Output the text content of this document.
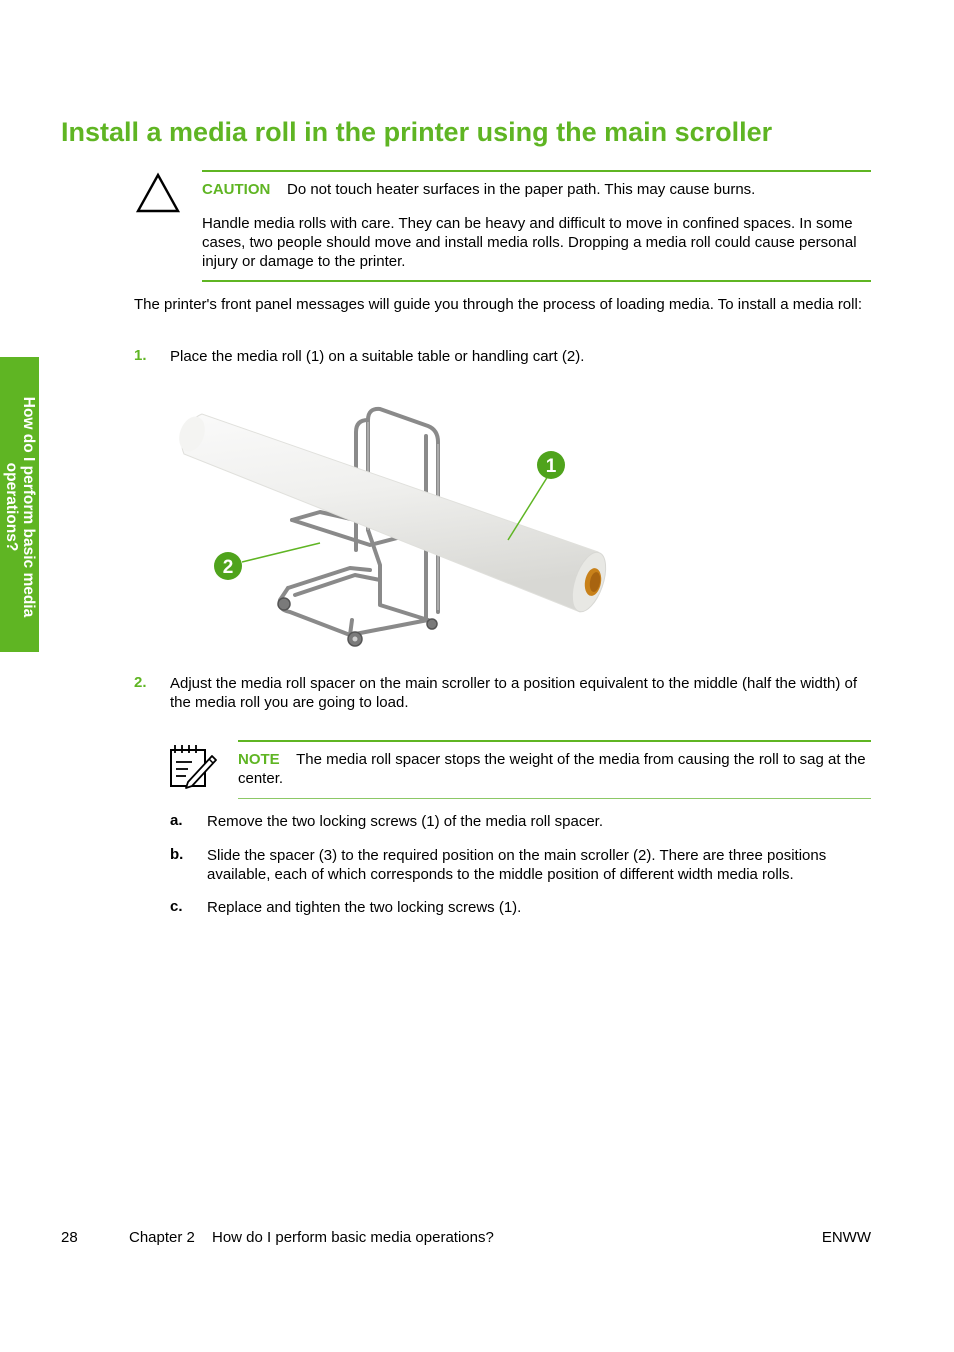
Install a media roll in the printer using the main scroller
How do I perform basic media
operations?

CAUTION Do not touch heater surfaces in the paper path. This may cause burns.

Handle media rolls with care. They can be heavy and difficult to move in confined spaces. In some cases, two people should move and install media rolls. Dropping a media roll could cause personal injury or damage to the printer.

The printer's front panel messages will guide you through the process of loading media. To install a media roll:

1. Place the media roll (1) on a suitable table or handling cart (2).

1
2
2. Adjust the media roll spacer on the main scroller to a position equivalent to the middle (half the width) of the media roll you are going to load.

NOTE The media roll spacer stops the weight of the media from causing the roll to sag at the center.

a. Remove the two locking screws (1) of the media roll spacer.

b. Slide the spacer (3) to the required position on the main scroller (2). There are three positions available, each of which corresponds to the middle position of different width media rolls.

c. Replace and tighten the two locking screws (1).

28	Chapter 2 How do I perform basic media operations?	ENWW
